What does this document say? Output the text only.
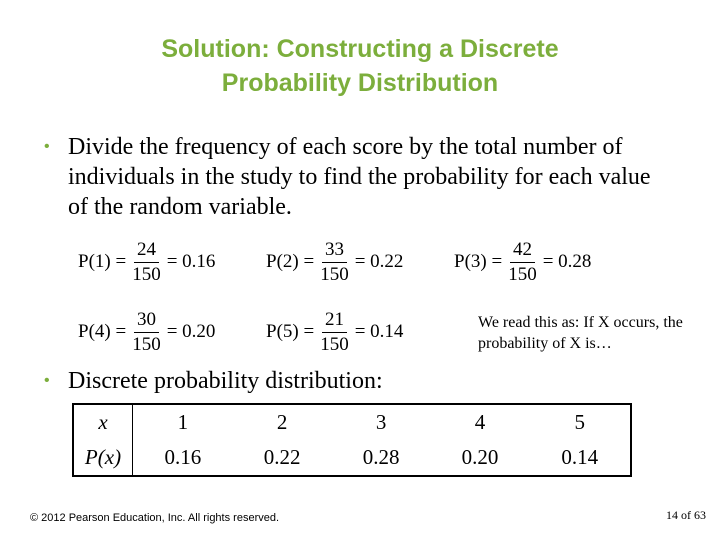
Solution: Constructing a Discrete
Probability Distribution
• Divide the frequency of each score by the total number of individuals in the study to find the probability for each value of the random variable.
$P(1) = \frac{24}{150} = 0.16$	$P(2) = \frac{33}{150} = 0.22$	$P(3) = \frac{42}{150} = 0.28$
$P(4) = \frac{30}{150} = 0.20$	$P(5) = \frac{21}{150} = 0.14$	We read this as: If X occurs, the probability of X is…
• Discrete probability distribution:
x	1	2	3	4	5
P(x)	0.16	0.22	0.28	0.20	0.14
© 2012 Pearson Education, Inc. All rights reserved.	14 of 63
